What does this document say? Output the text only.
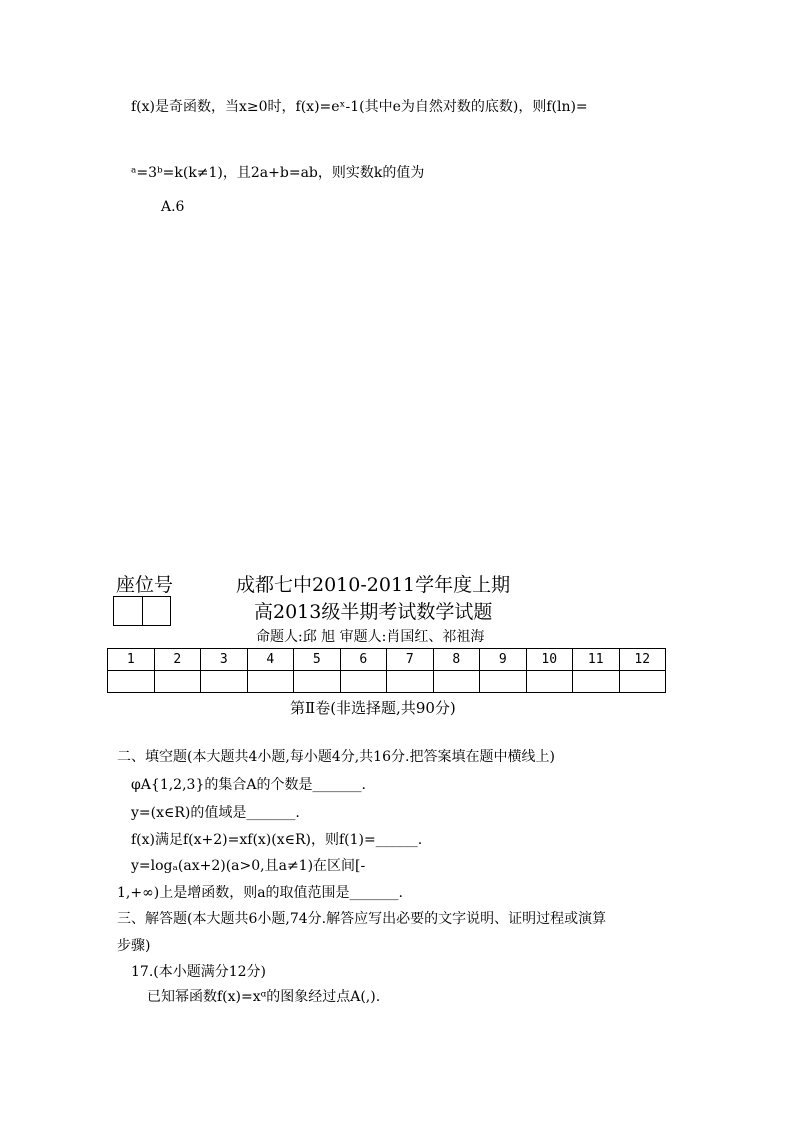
f(x)是奇函数，当x≥0时，f(x)=eˣ-1(其中e为自然对数的底数)，则f(ln)=
ᵃ=3ᵇ=k(k≠1)，且2a+b=ab，则实数k的值为
A.6
座位号	成都七中2010-2011学年度上期
高2013级半期考试数学试题
命题人:邱 旭 审题人:肖国红、祁祖海
1	2	3	4	5	6	7	8	9	10	11	12

第Ⅱ卷(非选择题,共90分)
二、填空题(本大题共4小题,每小题4分,共16分.把答案填在题中横线上)
φA{1,2,3}的集合A的个数是_______.
y=(x∈R)的值域是_______.
f(x)满足f(x+2)=xf(x)(x∈R)，则f(1)=______.
y=logₐ(ax+2)(a>0,且a≠1)在区间[-
1,+∞)上是增函数，则a的取值范围是_______.
三、解答题(本大题共6小题,74分.解答应写出必要的文字说明、证明过程或演算
步骤)
17.(本小题满分12分)
已知幂函数f(x)=xᵅ的图象经过点A(,).
